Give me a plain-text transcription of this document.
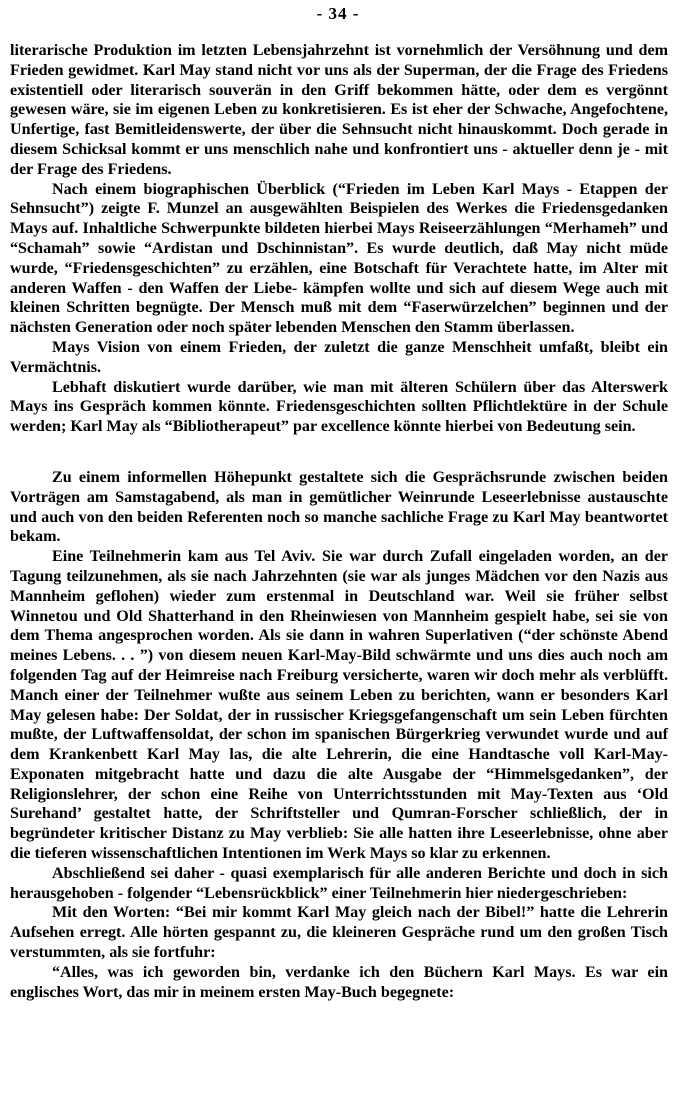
- 34 -

literarische Produktion im letzten Lebensjahrzehnt ist vornehmlich der Versöhnung und dem Frieden gewidmet. Karl May stand nicht vor uns als der Superman, der die Frage des Friedens existentiell oder literarisch souverän in den Griff bekommen hätte, oder dem es vergönnt gewesen wäre, sie im eigenen Leben zu konkretisieren. Es ist eher der Schwache, Angefochtene, Unfertige, fast Bemitleidenswerte, der über die Sehnsucht nicht hinauskommt. Doch gerade in diesem Schicksal kommt er uns menschlich nahe und konfrontiert uns - aktueller denn je - mit der Frage des Friedens.

Nach einem biographischen Überblick (“Frieden im Leben Karl Mays - Etappen der Sehnsucht”) zeigte F. Munzel an ausgewählten Beispielen des Werkes die Friedensgedanken Mays auf. Inhaltliche Schwerpunkte bildeten hierbei Mays Reiseerzählungen “Merhameh” und “Schamah” sowie “Ardistan und Dschinnistan”. Es wurde deutlich, daß May nicht müde wurde, “Friedensgeschichten” zu erzählen, eine Botschaft für Verachtete hatte, im Alter mit anderen Waffen - den Waffen der Liebe- kämpfen wollte und sich auf diesem Wege auch mit kleinen Schritten begnügte. Der Mensch muß mit dem “Faserwürzelchen” beginnen und der nächsten Generation oder noch später lebenden Menschen den Stamm überlassen.

Mays Vision von einem Frieden, der zuletzt die ganze Menschheit umfaßt, bleibt ein Vermächtnis.

Lebhaft diskutiert wurde darüber, wie man mit älteren Schülern über das Alterswerk Mays ins Gespräch kommen könnte. Friedensgeschichten sollten Pflichtlektüre in der Schule werden; Karl May als “Bibliotherapeut” par excellence könnte hierbei von Bedeutung sein.

Zu einem informellen Höhepunkt gestaltete sich die Gesprächsrunde zwischen beiden Vorträgen am Samstagabend, als man in gemütlicher Weinrunde Leseerlebnisse austauschte und auch von den beiden Referenten noch so manche sachliche Frage zu Karl May beantwortet bekam.

Eine Teilnehmerin kam aus Tel Aviv. Sie war durch Zufall eingeladen worden, an der Tagung teilzunehmen, als sie nach Jahrzehnten (sie war als junges Mädchen vor den Nazis aus Mannheim geflohen) wieder zum erstenmal in Deutschland war. Weil sie früher selbst Winnetou und Old Shatterhand in den Rheinwiesen von Mannheim gespielt habe, sei sie von dem Thema angesprochen worden. Als sie dann in wahren Superlativen (“der schönste Abend meines Lebens. . . ”) von diesem neuen Karl-May-Bild schwärmte und uns dies auch noch am folgenden Tag auf der Heimreise nach Freiburg versicherte, waren wir doch mehr als verblüfft. Manch einer der Teilnehmer wußte aus seinem Leben zu berichten, wann er besonders Karl May gelesen habe: Der Soldat, der in russischer Kriegsgefangenschaft um sein Leben fürchten mußte, der Luftwaffensoldat, der schon im spanischen Bürgerkrieg verwundet wurde und auf dem Krankenbett Karl May las, die alte Lehrerin, die eine Handtasche voll Karl-May-Exponaten mitgebracht hatte und dazu die alte Ausgabe der “Himmelsgedanken”, der Religionslehrer, der schon eine Reihe von Unterrichtsstunden mit May-Texten aus ‘Old Surehand’ gestaltet hatte, der Schriftsteller und Qumran-Forscher schließlich, der in begründeter kritischer Distanz zu May verblieb: Sie alle hatten ihre Leseerlebnisse, ohne aber die tieferen wissenschaftlichen Intentionen im Werk Mays so klar zu erkennen.

Abschließend sei daher - quasi exemplarisch für alle anderen Berichte und doch in sich herausgehoben - folgender “Lebensrückblick” einer Teilnehmerin hier niedergeschrieben:

Mit den Worten: “Bei mir kommt Karl May gleich nach der Bibel!” hatte die Lehrerin Aufsehen erregt. Alle hörten gespannt zu, die kleineren Gespräche rund um den großen Tisch verstummten, als sie fortfuhr:

“Alles, was ich geworden bin, verdanke ich den Büchern Karl Mays. Es war ein englisches Wort, das mir in meinem ersten May-Buch begegnete:
